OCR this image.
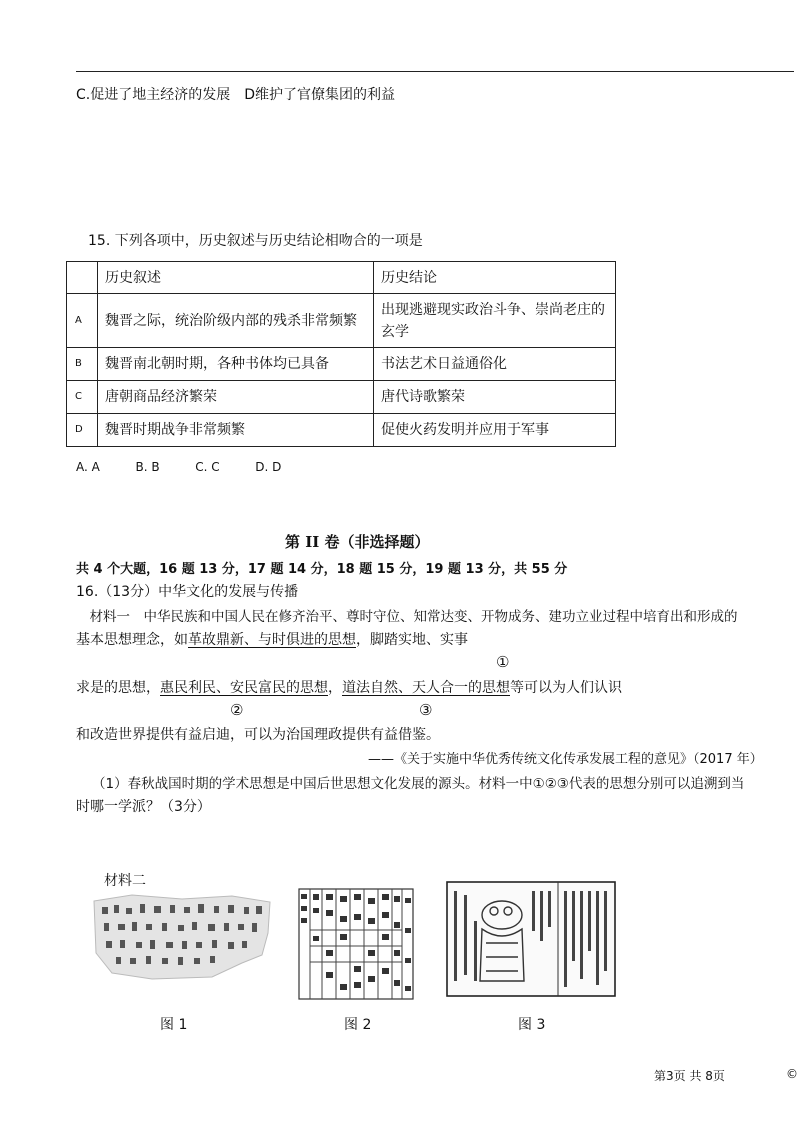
C.促进了地主经济的发展　D维护了官僚集团的利益
15. 下列各项中，历史叙述与历史结论相吻合的一项是
	历史叙述	历史结论
A	魏晋之际，统治阶级内部的残杀非常频繁	出现逃避现实政治斗争、崇尚老庄的
玄学

B	魏晋南北朝时期，各种书体均已具备	书法艺术日益通俗化
C	唐朝商品经济繁荣	唐代诗歌繁荣
D	魏晋时期战争非常频繁	促使火药发明并应用于军事
A. A	B. B	C. C	D. D
第 II 卷（非选择题）
共 4 个大题，16 题 13 分，17 题 14 分，18 题 15 分，19 题 13 分，共 55 分
16.（13分）中华文化的发展与传播
　材料一　中华民族和中国人民在修齐治平、尊时守位、知常达变、开物成务、建功立业过程中培育出和形成的
基本思想理念，如革故鼎新、与时俱进的思想，脚踏实地、实事
①
求是的思想，惠民利民、安民富民的思想，道法自然、天人合一的思想等可以为人们认识
②	③
和改造世界提供有益启迪，可以为治国理政提供有益借鉴。
——《关于实施中华优秀传统文化传承发展工程的意见》（2017 年）
（1）春秋战国时期的学术思想是中国后世思想文化发展的源头。材料一中①②③代表的思想分别可以追溯到当
时哪一学派？（3分）
材料二
图 1	图 2	图 3
第3页 共 8页	©
